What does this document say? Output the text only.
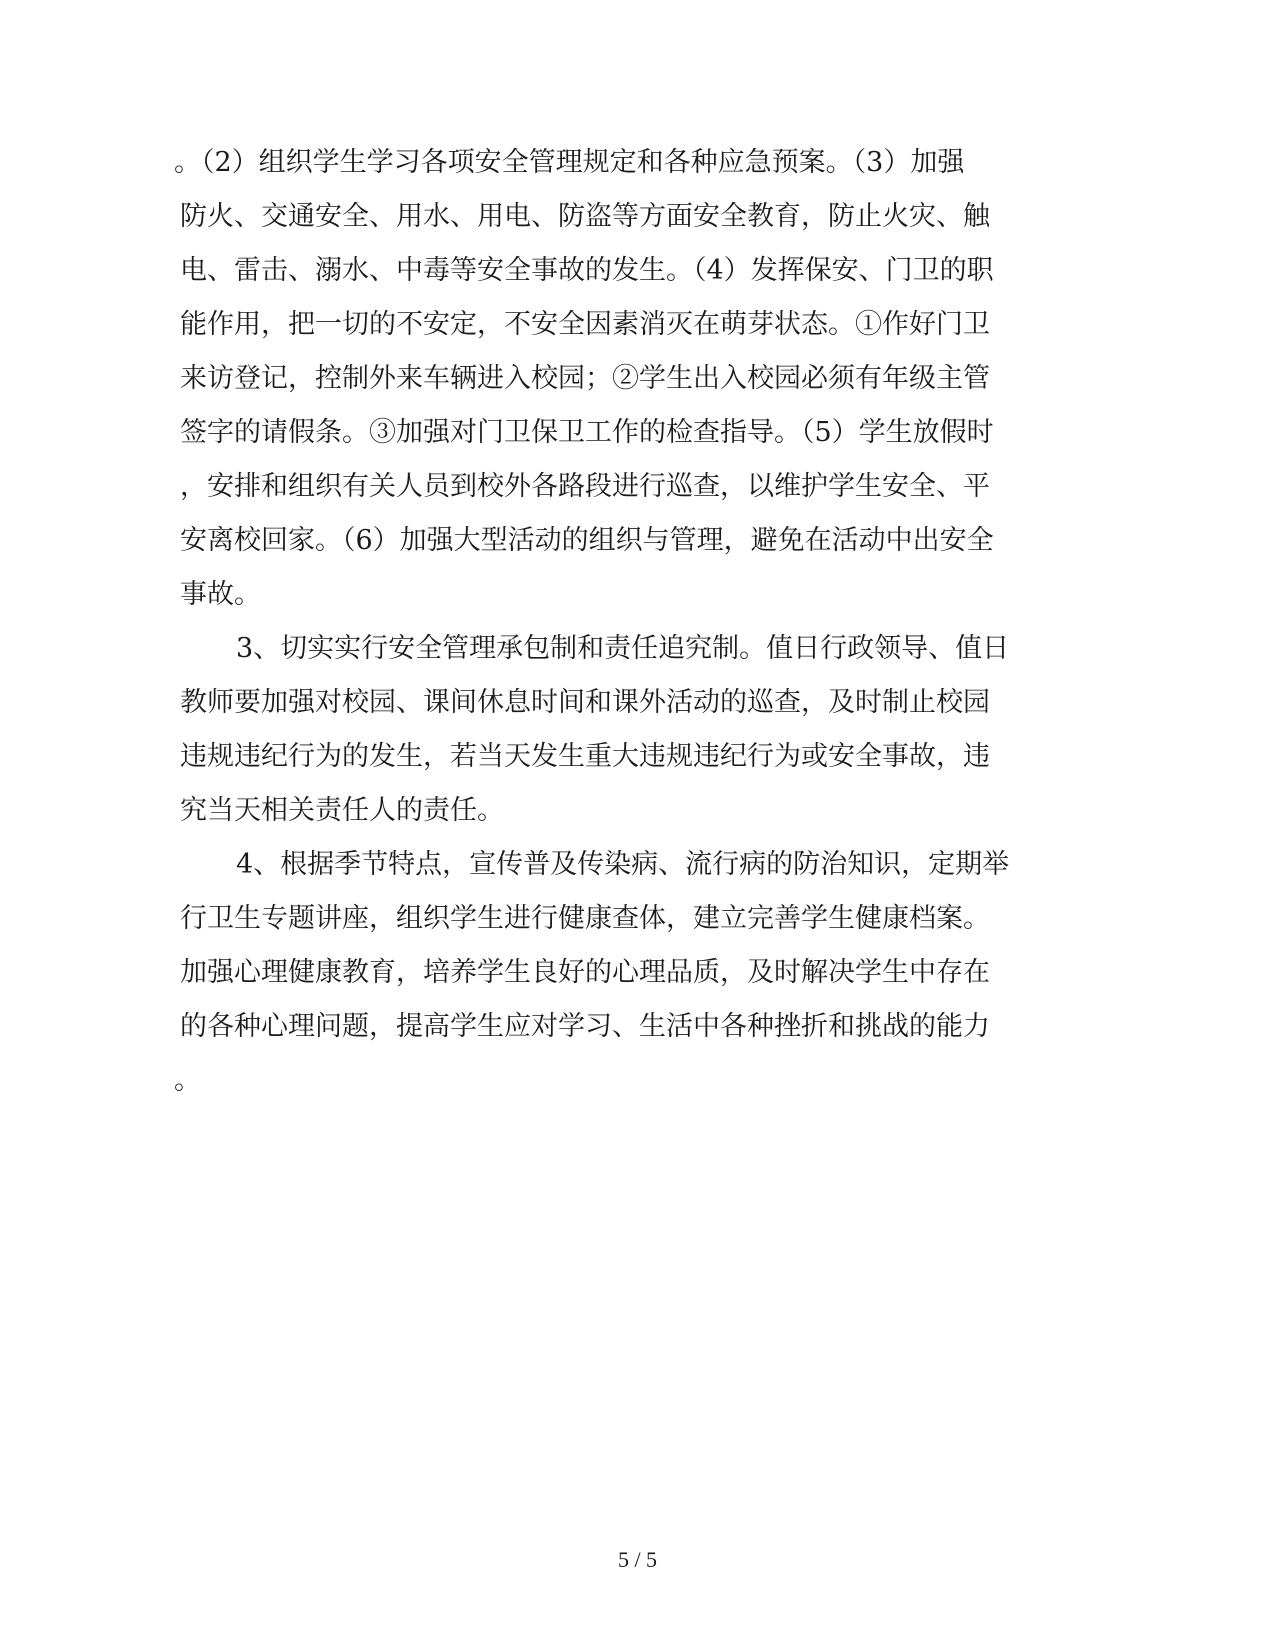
。（2）组织学生学习各项安全管理规定和各种应急预案。（3）加强
防火、交通安全、用水、用电、防盗等方面安全教育，防止火灾、触
电、雷击、溺水、中毒等安全事故的发生。（4）发挥保安、门卫的职
能作用，把一切的不安定，不安全因素消灭在萌芽状态。①作好门卫
来访登记，控制外来车辆进入校园；②学生出入校园必须有年级主管
签字的请假条。③加强对门卫保卫工作的检查指导。（5）学生放假时
，安排和组织有关人员到校外各路段进行巡查，以维护学生安全、平
安离校回家。（6）加强大型活动的组织与管理，避免在活动中出安全
事故。
3、切实实行安全管理承包制和责任追究制。值日行政领导、值日
教师要加强对校园、课间休息时间和课外活动的巡查，及时制止校园
违规违纪行为的发生，若当天发生重大违规违纪行为或安全事故，违
究当天相关责任人的责任。
4、根据季节特点，宣传普及传染病、流行病的防治知识，定期举
行卫生专题讲座，组织学生进行健康查体，建立完善学生健康档案。
加强心理健康教育，培养学生良好的心理品质，及时解决学生中存在
的各种心理问题，提高学生应对学习、生活中各种挫折和挑战的能力
。
5 / 5
